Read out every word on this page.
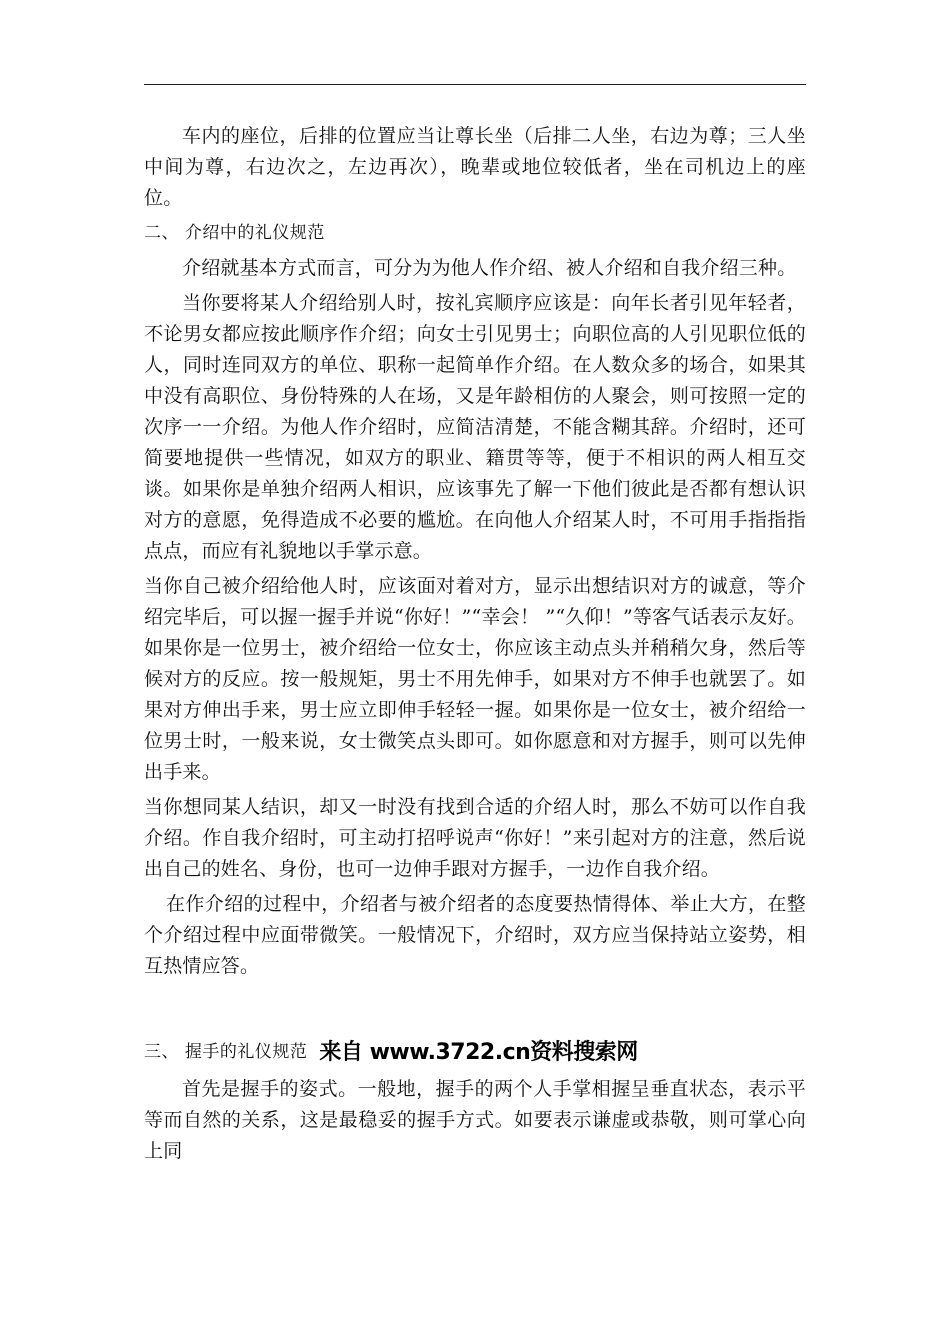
车内的座位，后排的位置应当让尊长坐（后排二人坐，右边为尊；三人坐中间为尊，右边次之，左边再次），晚辈或地位较低者，坐在司机边上的座位。

二、 介绍中的礼仪规范

介绍就基本方式而言，可分为为他人作介绍、被人介绍和自我介绍三种。

当你要将某人介绍给别人时，按礼宾顺序应该是：向年长者引见年轻者，不论男女都应按此顺序作介绍；向女士引见男士；向职位高的人引见职位低的人，同时连同双方的单位、职称一起简单作介绍。在人数众多的场合，如果其中没有高职位、身份特殊的人在场，又是年龄相仿的人聚会，则可按照一定的次序一一介绍。为他人作介绍时，应简洁清楚，不能含糊其辞。介绍时，还可简要地提供一些情况，如双方的职业、籍贯等等，便于不相识的两人相互交谈。如果你是单独介绍两人相识，应该事先了解一下他们彼此是否都有想认识对方的意愿，免得造成不必要的尴尬。在向他人介绍某人时，不可用手指指指点点，而应有礼貌地以手掌示意。

当你自己被介绍给他人时，应该面对着对方，显示出想结识对方的诚意，等介绍完毕后，可以握一握手并说“你好！”“幸会！ ”“久仰！”等客气话表示友好。如果你是一位男士，被介绍给一位女士，你应该主动点头并稍稍欠身，然后等候对方的反应。按一般规矩，男士不用先伸手，如果对方不伸手也就罢了。如果对方伸出手来，男士应立即伸手轻轻一握。如果你是一位女士，被介绍给一位男士时，一般来说，女士微笑点头即可。如你愿意和对方握手，则可以先伸出手来。

当你想同某人结识，却又一时没有找到合适的介绍人时，那么不妨可以作自我介绍。作自我介绍时，可主动打招呼说声“你好！”来引起对方的注意，然后说出自己的姓名、身份，也可一边伸手跟对方握手，一边作自我介绍。

在作介绍的过程中，介绍者与被介绍者的态度要热情得体、举止大方，在整个介绍过程中应面带微笑。一般情况下，介绍时，双方应当保持站立姿势，相互热情应答。

三、 握手的礼仪规范 来自 www.3722.cn资料搜索网

首先是握手的姿式。一般地，握手的两个人手掌相握呈垂直状态，表示平等而自然的关系，这是最稳妥的握手方式。如要表示谦虚或恭敬，则可掌心向上同
